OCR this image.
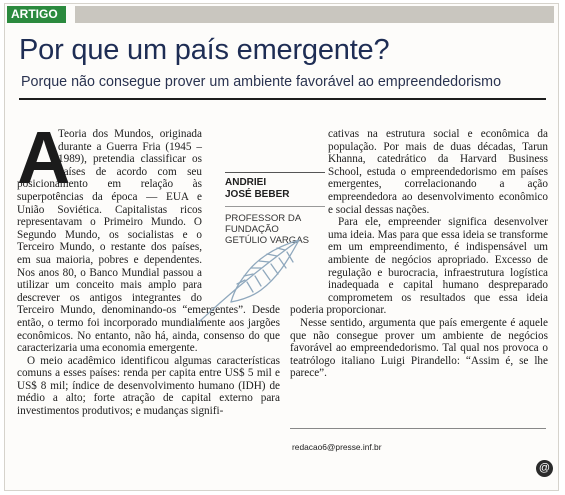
ARTIGO
Por que um país emergente?
Porque não consegue prover um ambiente favorável ao empreendedorismo
A

Teoria dos Mundos, originada durante a Guerra Fria (1945 – 1989), pretendia classificar os países de acordo com seu posicionamento em relação às superpotências da época — EUA e União Soviética. Capitalistas ricos representavam o Primeiro Mundo. O Segundo Mundo, os socialistas e o Terceiro Mundo, o restante dos países, em sua maioria, pobres e dependentes. Nos anos 80, o Banco Mundial passou a utilizar um conceito mais amplo para descrever os antigos integrantes do Terceiro Mundo, denominando-os “emergentes”. Desde então, o termo foi incorporado mundialmente aos jargões econômicos. No entanto, não há, ainda, consenso do que caracterizaria uma economia emergente.

O meio acadêmico identificou algumas características comuns a esses países: renda per capita entre US$ 5 mil e US$ 8 mil; índice de desenvolvimento humano (IDH) de médio a alto; forte atração de capital externo para investimentos produtivos; e mudanças signifi-

cativas na estrutura social e econômica da população. Por mais de duas décadas, Tarun Khanna, catedrático da Harvard Business School, estuda o empreendedorismo em países emergentes, correlacionando a ação empreendedora ao desenvolvimento econômico e social dessas nações.

Para ele, empreender significa desenvolver uma ideia. Mas para que essa ideia se transforme em um empreendimento, é indispensável um ambiente de negócios apropriado. Excesso de regulação e burocracia, infraestrutura logística inadequada e capital humano despreparado comprometem os resultados que essa ideia poderia proporcionar.

Nesse sentido, argumenta que país emergente é aquele que não consegue prover um ambiente de negócios favorável ao empreendedorismo. Tal qual nos provoca o teatrólogo italiano Luigi Pirandello: “Assim é, se lhe parece”.

ANDRIEI
JOSÉ BEBER
PROFESSOR DA
FUNDAÇÃO
GETÚLIO VARGAS
redacao6@presse.inf.br
@
